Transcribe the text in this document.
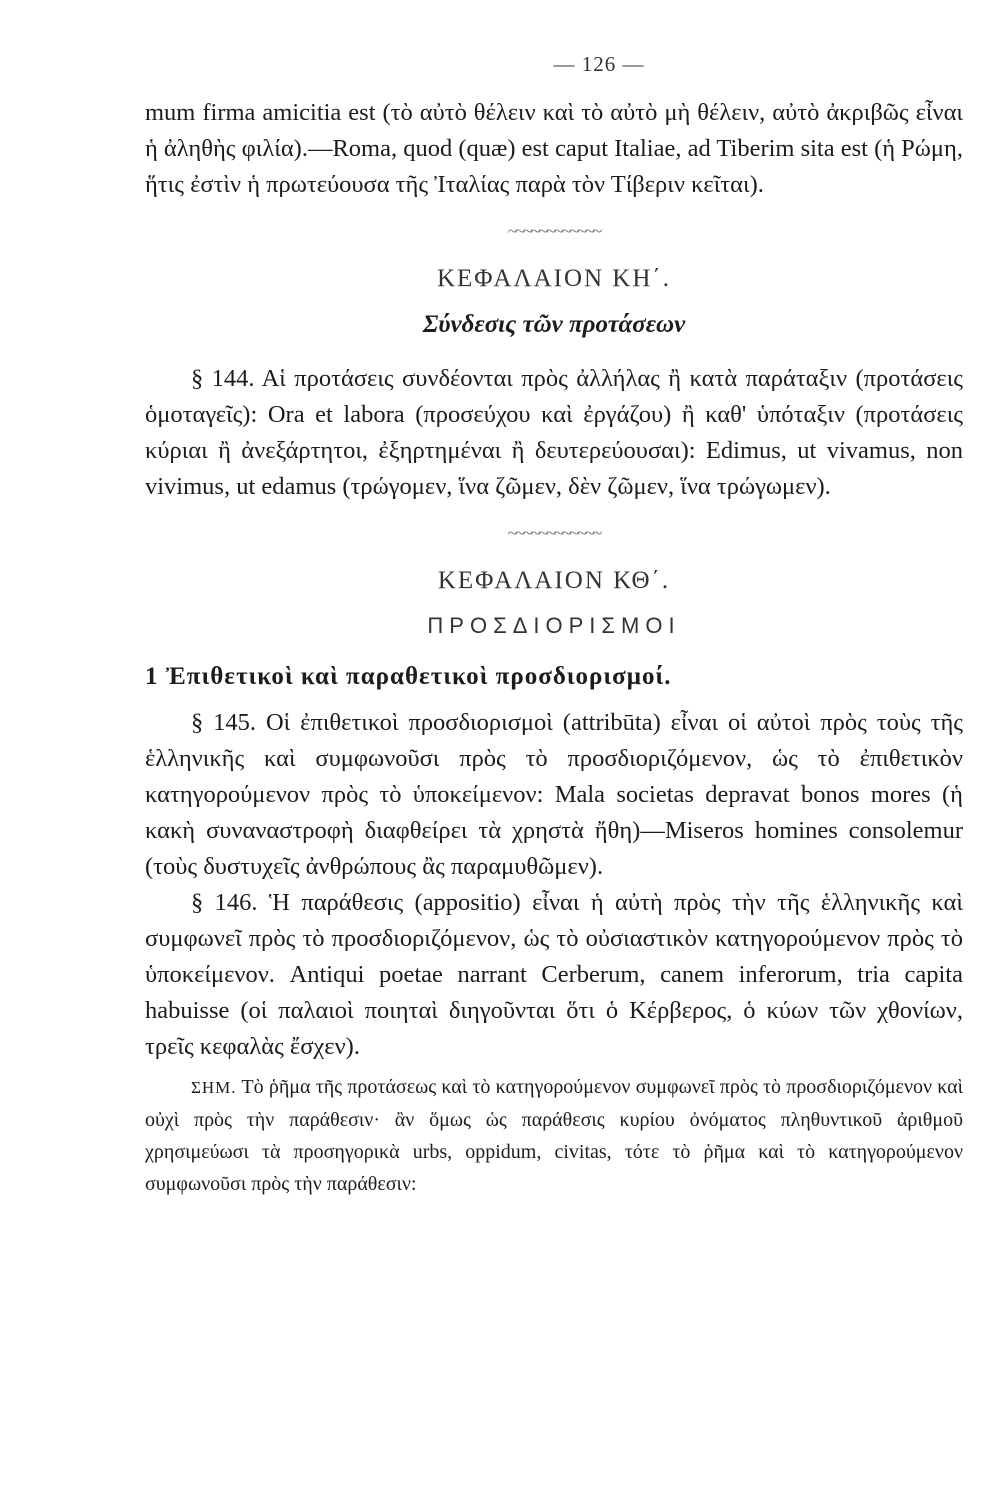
— 126 —

mum firma amicitia est (τὸ αὐτὸ θέλειν καὶ τὸ αὐτὸ μὴ θέλειν, αὐτὸ ἀκριβῶς εἶναι ἡ ἀληθὴς φιλία).—Roma, quod (quæ) est caput Italiae, ad Tiberim sita est (ἡ Ρώμη, ἥτις ἐστὶν ἡ πρωτεύουσα τῆς Ἰταλίας παρὰ τὸν Τίβεριν κεῖται).

~~~~~~~~~~~~
ΚΕΦΑΛΑΙΟΝ ΚΗ΄.
Σύνδεσις τῶν προτάσεων

§ 144. Αἱ προτάσεις συνδέονται πρὸς ἀλλήλας ἢ κατὰ παράταξιν (προτάσεις ὁμοταγεῖς): Ora et labora (προσεύχου καὶ ἐργάζου) ἢ καθ' ὑπόταξιν (προτάσεις κύριαι ἢ ἀνεξάρτητοι, ἐξηρτημέναι ἢ δευτερεύουσαι): Edimus, ut vivamus, non vivimus, ut edamus (τρώγομεν, ἵνα ζῶμεν, δὲν ζῶμεν, ἵνα τρώγωμεν).

~~~~~~~~~~~~
ΚΕΦΑΛΑΙΟΝ ΚΘ΄.
ΠΡΟΣΔΙΟΡΙΣΜΟΙ
1 Ἐπιθετικοὶ καὶ παραθετικοὶ προσδιορισμοί.

§ 145. Οἱ ἐπιθετικοὶ προσδιορισμοὶ (attribūta) εἶναι οἱ αὐτοὶ πρὸς τοὺς τῆς ἑλληνικῆς καὶ συμφωνοῦσι πρὸς τὸ προσδιοριζόμενον, ὡς τὸ ἐπιθετικὸν κατηγορούμενον πρὸς τὸ ὑποκείμενον: Mala societas depravat bonos mores (ἡ κακὴ συναναστροφὴ διαφθείρει τὰ χρηστὰ ἤθη)—Miseros homines consolemur (τοὺς δυστυχεῖς ἀνθρώπους ἂς παραμυθῶμεν).

§ 146. Ἡ παράθεσις (appositio) εἶναι ἡ αὐτὴ πρὸς τὴν τῆς ἑλληνικῆς καὶ συμφωνεῖ πρὸς τὸ προσδιοριζόμενον, ὡς τὸ οὐσιαστικὸν κατηγορούμενον πρὸς τὸ ὑποκείμενον. Antiqui poetae narrant Cerberum, canem inferorum, tria capita habuisse (οἱ παλαιοὶ ποιηταὶ διηγοῦνται ὅτι ὁ Κέρβερος, ὁ κύων τῶν χθονίων, τρεῖς κεφαλὰς ἔσχεν).

ΣΗΜ. Τὸ ῥῆμα τῆς προτάσεως καὶ τὸ κατηγορούμενον συμφωνεῖ πρὸς τὸ προσδιοριζόμενον καὶ οὐχὶ πρὸς τὴν παράθεσιν· ἂν ὅμως ὡς παράθεσις κυρίου ὀνόματος πληθυντικοῦ ἀριθμοῦ χρησιμεύωσι τὰ προσηγορικὰ urbs, oppidum, civitas, τότε τὸ ῥῆμα καὶ τὸ κατηγορούμενον συμφωνοῦσι πρὸς τὴν παράθεσιν:
